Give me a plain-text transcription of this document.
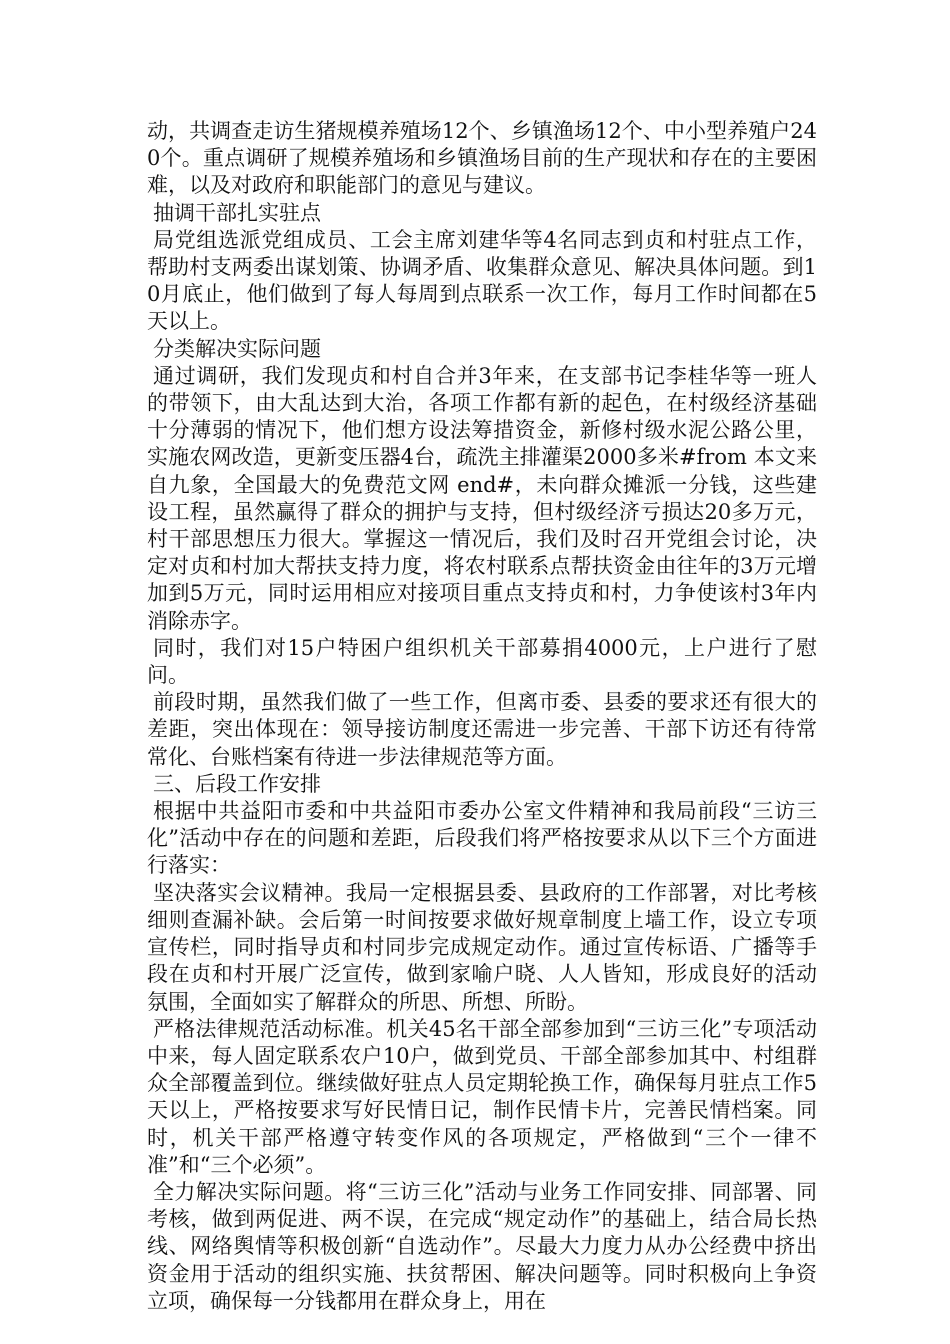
动，共调查走访生猪规模养殖场12个、乡镇渔场12个、中小型养殖户240个。重点调研了规模养殖场和乡镇渔场目前的生产现状和存在的主要困难，以及对政府和职能部门的意见与建议。

抽调干部扎实驻点

局党组选派党组成员、工会主席刘建华等4名同志到贞和村驻点工作，帮助村支两委出谋划策、协调矛盾、收集群众意见、解决具体问题。到10月底止，他们做到了每人每周到点联系一次工作，每月工作时间都在5天以上。

分类解决实际问题

通过调研，我们发现贞和村自合并3年来，在支部书记李桂华等一班人的带领下，由大乱达到大治，各项工作都有新的起色，在村级经济基础十分薄弱的情况下，他们想方设法筹措资金，新修村级水泥公路公里，实施农网改造，更新变压器4台，疏洗主排灌渠2000多米#from 本文来自九象，全国最大的免费范文网 end#，未向群众摊派一分钱，这些建设工程，虽然赢得了群众的拥护与支持，但村级经济亏损达20多万元，村干部思想压力很大。掌握这一情况后，我们及时召开党组会讨论，决定对贞和村加大帮扶支持力度，将农村联系点帮扶资金由往年的3万元增加到5万元，同时运用相应对接项目重点支持贞和村，力争使该村3年内消除赤字。

同时，我们对15户特困户组织机关干部募捐4000元，上户进行了慰问。

前段时期，虽然我们做了一些工作，但离市委、县委的要求还有很大的差距，突出体现在：领导接访制度还需进一步完善、干部下访还有待常常化、台账档案有待进一步法律规范等方面。

三、后段工作安排

根据中共益阳市委和中共益阳市委办公室文件精神和我局前段“三访三化”活动中存在的问题和差距，后段我们将严格按要求从以下三个方面进行落实：

坚决落实会议精神。我局一定根据县委、县政府的工作部署，对比考核细则查漏补缺。会后第一时间按要求做好规章制度上墙工作，设立专项宣传栏，同时指导贞和村同步完成规定动作。通过宣传标语、广播等手段在贞和村开展广泛宣传，做到家喻户晓、人人皆知，形成良好的活动氛围，全面如实了解群众的所思、所想、所盼。

严格法律规范活动标准。机关45名干部全部参加到“三访三化”专项活动中来，每人固定联系农户10户，做到党员、干部全部参加其中、村组群众全部覆盖到位。继续做好驻点人员定期轮换工作，确保每月驻点工作5天以上，严格按要求写好民情日记，制作民情卡片，完善民情档案。同时，机关干部严格遵守转变作风的各项规定，严格做到“三个一律不准”和“三个必须”。

全力解决实际问题。将“三访三化”活动与业务工作同安排、同部署、同考核，做到两促进、两不误，在完成“规定动作”的基础上，结合局长热线、网络舆情等积极创新“自选动作”。尽最大力度力从办公经费中挤出资金用于活动的组织实施、扶贫帮困、解决问题等。同时积极向上争资立项，确保每一分钱都用在群众身上，用在
